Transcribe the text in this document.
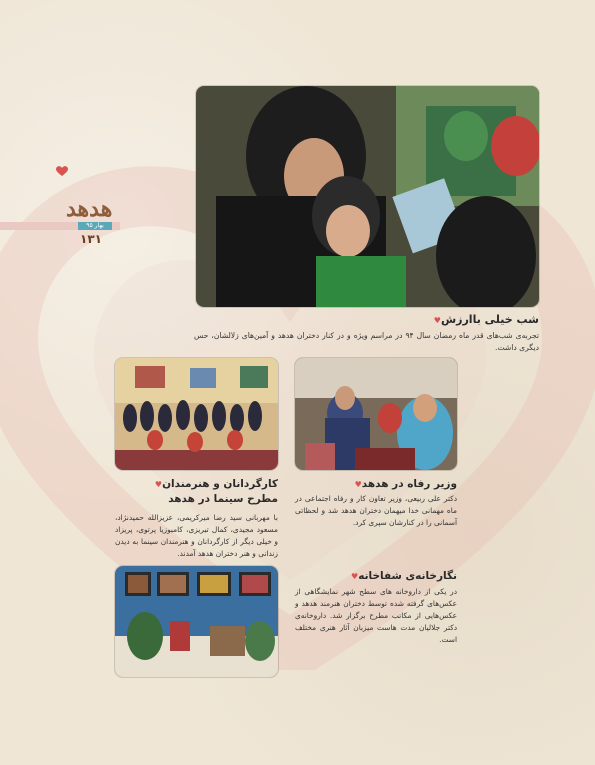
هدهد
بهار ۹۵
۱۳۱
شب خیلی باارزش♥
تجربه‌ی شب‌های قدر ماه رمضان سال ۹۴ در مراسم ویژه و در کنار دختران هدهد و آمین‌های زلالشان، حس دیگری داشت.
وزیر رفاه در هدهد♥
دکتر علی ربیعی، وزیر تعاون کار و رفاه اجتماعی در ماه مهمانی خدا میهمان دختران هدهد شد و لحظاتی آسمانی را در کنارشان سپری کرد.
کارگردانان و هنرمندان♥
مطرح سینما در هدهد
با مهربانی سید رضا میرکریمی، عزیزالله حمیدنژاد، مسعود مجیدی، کمال تبریزی، کامبوزیا پرتوی، پریزاد و خیلی دیگر از کارگردانان و هنرمندان سینما به دیدن زندانی و هنر دختران هدهد آمدند.
نگارخانه‌ی شفاخانه♥
در یکی از داروخانه های سطح شهر نمایشگاهی از عکس‌های گرفته شده توسط دختران هنرمند هدهد و عکس‌هایی از مکاتب مطرح برگزار شد. داروخانه‌ی دکتر جلالیان مدت هاست میزبان آثار هنری مختلف است.
